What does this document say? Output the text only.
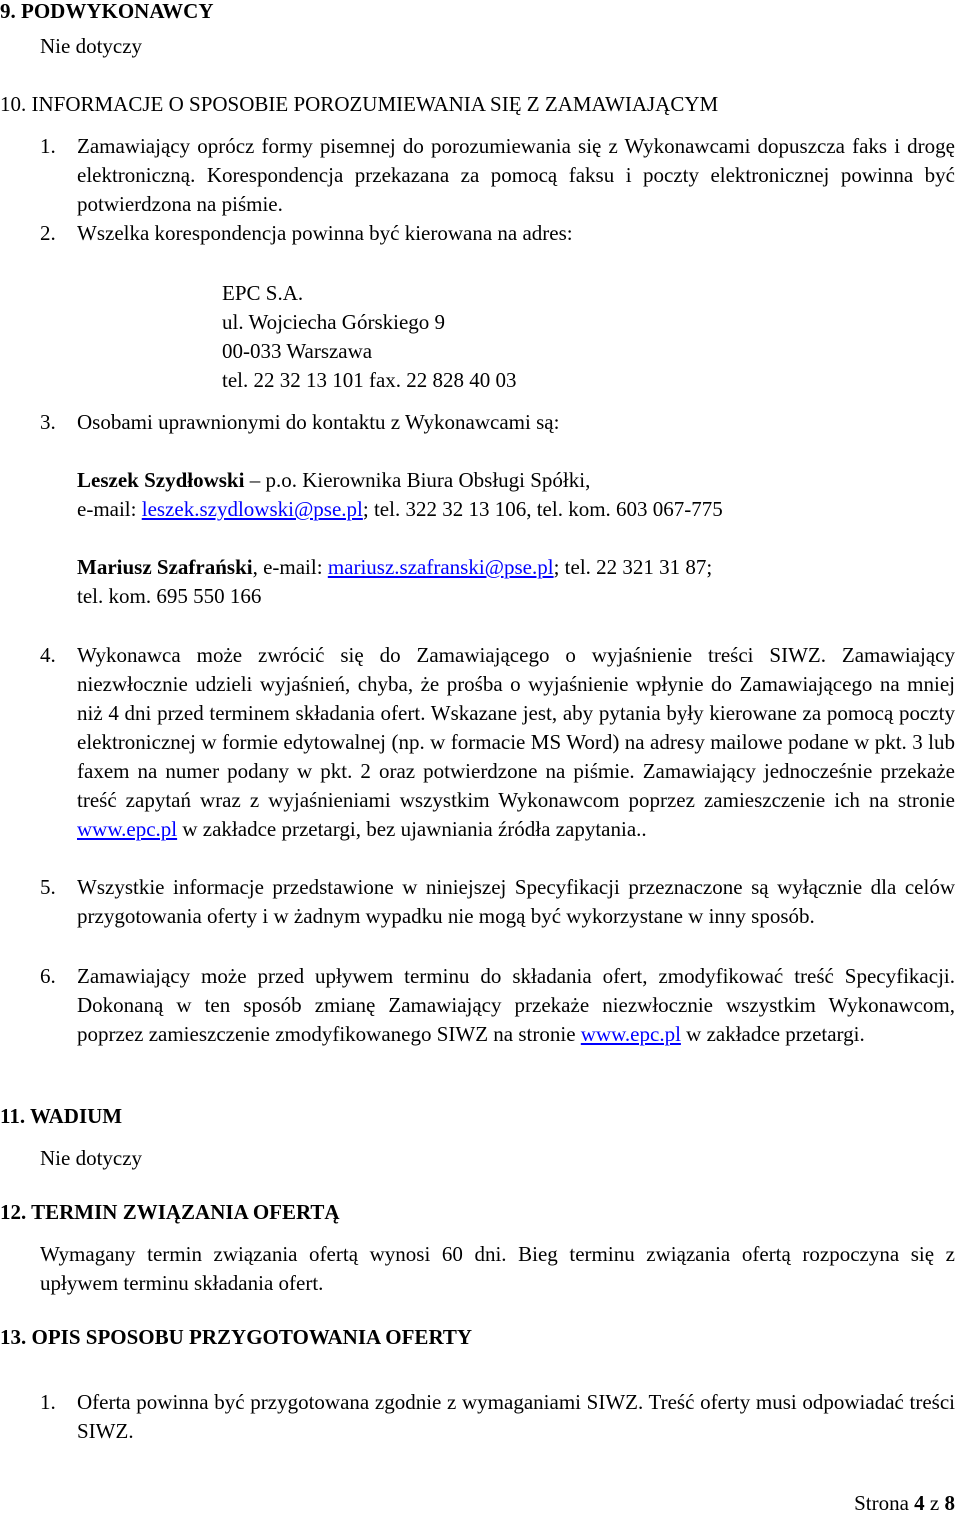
9. PODWYKONAWCY
Nie dotyczy
10. INFORMACJE O SPOSOBIE POROZUMIEWANIA SIĘ Z ZAMAWIAJĄCYM
1. Zamawiający oprócz formy pisemnej do porozumiewania się z Wykonawcami dopuszcza faks i drogę elektroniczną. Korespondencja przekazana za pomocą faksu i poczty elektronicznej powinna być potwierdzona na piśmie.
2. Wszelka korespondencja powinna być kierowana na adres:
EPC S.A.
ul. Wojciecha Górskiego 9
00-033 Warszawa
tel. 22 32 13 101 fax. 22 828 40 03
3. Osobami uprawnionymi do kontaktu z Wykonawcami są:
Leszek Szydłowski – p.o. Kierownika Biura Obsługi Spółki,
e-mail: leszek.szydlowski@pse.pl; tel. 322 32 13 106, tel. kom. 603 067-775
Mariusz Szafrański, e-mail: mariusz.szafranski@pse.pl; tel. 22 321 31 87;
tel. kom. 695 550 166
4. Wykonawca może zwrócić się do Zamawiającego o wyjaśnienie treści SIWZ. Zamawiający niezwłocznie udzieli wyjaśnień, chyba, że prośba o wyjaśnienie wpłynie do Zamawiającego na mniej niż 4 dni przed terminem składania ofert. Wskazane jest, aby pytania były kierowane za pomocą poczty elektronicznej w formie edytowalnej (np. w formacie MS Word) na adresy mailowe podane w pkt. 3 lub faxem na numer podany w pkt. 2 oraz potwierdzone na piśmie. Zamawiający jednocześnie przekaże treść zapytań wraz z wyjaśnieniami wszystkim Wykonawcom poprzez zamieszczenie ich na stronie www.epc.pl w zakładce przetargi, bez ujawniania źródła zapytania..
5. Wszystkie informacje przedstawione w niniejszej Specyfikacji przeznaczone są wyłącznie dla celów przygotowania oferty i w żadnym wypadku nie mogą być wykorzystane w inny sposób.
6. Zamawiający może przed upływem terminu do składania ofert, zmodyfikować treść Specyfikacji. Dokonaną w ten sposób zmianę Zamawiający przekaże niezwłocznie wszystkim Wykonawcom, poprzez zamieszczenie zmodyfikowanego SIWZ na stronie www.epc.pl w zakładce przetargi.
11. WADIUM
Nie dotyczy
12. TERMIN ZWIĄZANIA OFERTĄ
Wymagany termin związania ofertą wynosi 60 dni. Bieg terminu związania ofertą rozpoczyna się z upływem terminu składania ofert.
13. OPIS SPOSOBU PRZYGOTOWANIA OFERTY
1. Oferta powinna być przygotowana zgodnie z wymaganiami SIWZ. Treść oferty musi odpowiadać treści SIWZ.
Strona 4 z 8
